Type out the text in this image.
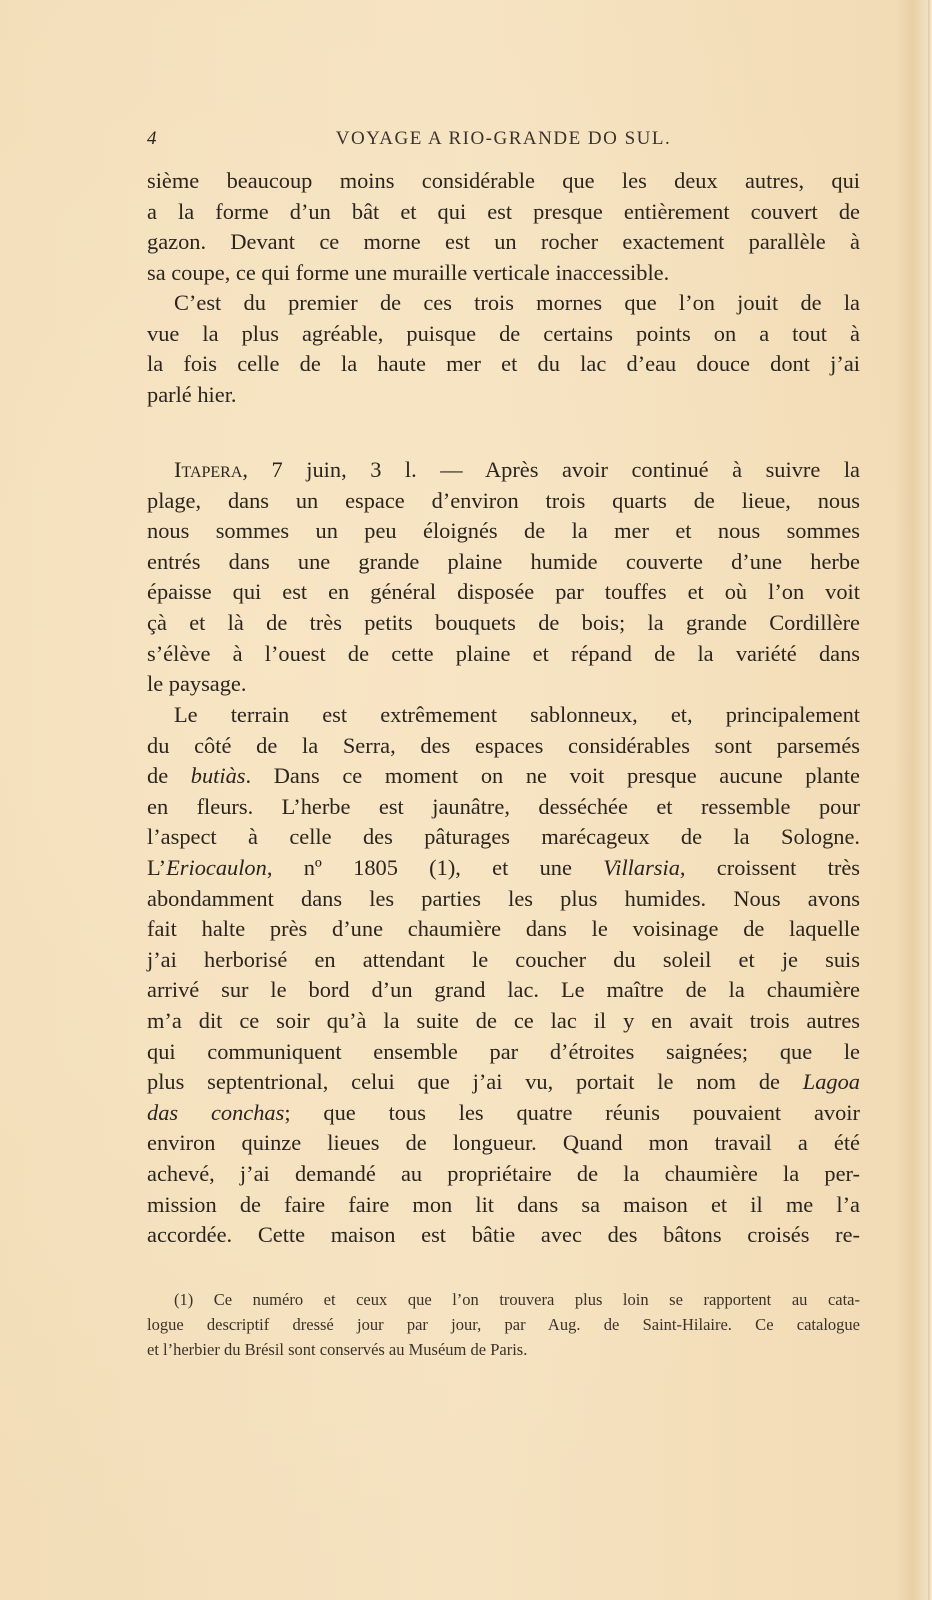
4	VOYAGE A RIO-GRANDE DO SUL.
sième beaucoup moins considérable que les deux autres, qui
a la forme d’un bât et qui est presque entièrement couvert de
gazon. Devant ce morne est un rocher exactement parallèle à
sa coupe, ce qui forme une muraille verticale inaccessible.
C’est du premier de ces trois mornes que l’on jouit de la
vue la plus agréable, puisque de certains points on a tout à
la fois celle de la haute mer et du lac d’eau douce dont j’ai
parlé hier.
Itapera, 7 juin, 3 l. — Après avoir continué à suivre la
plage, dans un espace d’environ trois quarts de lieue, nous
nous sommes un peu éloignés de la mer et nous sommes
entrés dans une grande plaine humide couverte d’une herbe
épaisse qui est en général disposée par touffes et où l’on voit
çà et là de très petits bouquets de bois; la grande Cordillère
s’élève à l’ouest de cette plaine et répand de la variété dans
le paysage.
Le terrain est extrêmement sablonneux, et, principalement
du côté de la Serra, des espaces considérables sont parsemés
de butiàs. Dans ce moment on ne voit presque aucune plante
en fleurs. L’herbe est jaunâtre, desséchée et ressemble pour
l’aspect à celle des pâturages marécageux de la Sologne.
L’Eriocaulon, nº 1805 (1), et une Villarsia, croissent très
abondamment dans les parties les plus humides. Nous avons
fait halte près d’une chaumière dans le voisinage de laquelle
j’ai herborisé en attendant le coucher du soleil et je suis
arrivé sur le bord d’un grand lac. Le maître de la chaumière
m’a dit ce soir qu’à la suite de ce lac il y en avait trois autres
qui communiquent ensemble par d’étroites saignées; que le
plus septentrional, celui que j’ai vu, portait le nom de Lagoa
das conchas; que tous les quatre réunis pouvaient avoir
environ quinze lieues de longueur. Quand mon travail a été
achevé, j’ai demandé au propriétaire de la chaumière la per-
mission de faire faire mon lit dans sa maison et il me l’a
accordée. Cette maison est bâtie avec des bâtons croisés re-
(1) Ce numéro et ceux que l’on trouvera plus loin se rapportent au cata-
logue descriptif dressé jour par jour, par Aug. de Saint-Hilaire. Ce catalogue
et l’herbier du Brésil sont conservés au Muséum de Paris.
